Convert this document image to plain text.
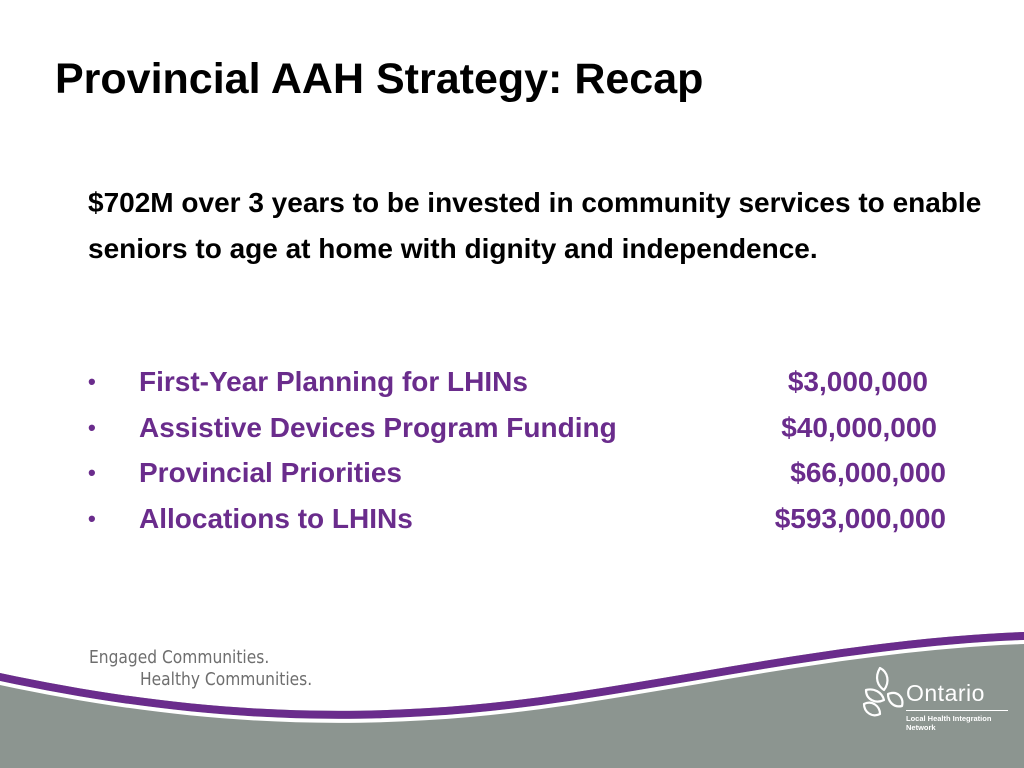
Provincial AAH Strategy: Recap

$702M over 3 years to be invested in community services to enable seniors to age at home with dignity and independence.

• First-Year Planning for LHINs	$3,000,000
• Assistive Devices Program Funding	$40,000,000
• Provincial Priorities	$66,000,000
• Allocations to LHINs	$593,000,000
Engaged Communities.
Healthy Communities.
Ontario
Local Health Integration Network
